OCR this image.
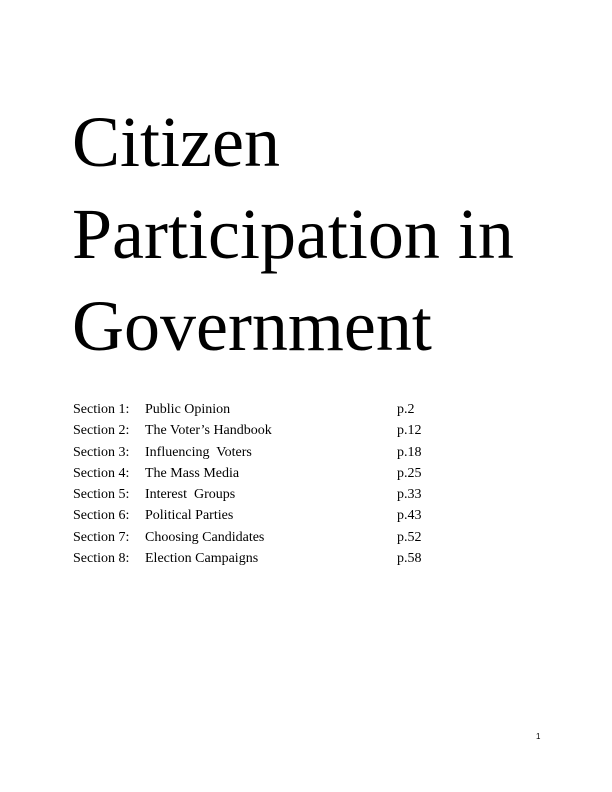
Citizen
Participation in
Government
Section 1: Public Opinion	p.2
Section 2: The Voter’s Handbook	p.12
Section 3: Influencing  Voters	p.18
Section 4: The Mass Media	p.25
Section 5: Interest  Groups	p.33
Section 6: Political Parties	p.43
Section 7: Choosing Candidates	p.52
Section 8: Election Campaigns	p.58
1
